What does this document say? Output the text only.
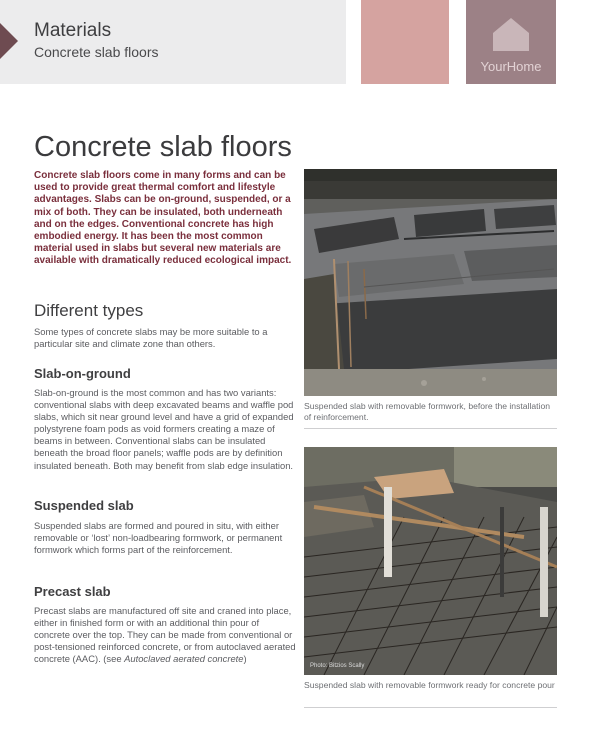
Materials
Concrete slab floors
YourHome
Concrete slab floors

Concrete slab floors come in many forms and can be used to provide great thermal comfort and lifestyle advantages. Slabs can be on-ground, suspended, or a mix of both. They can be insulated, both underneath and on the edges. Conventional concrete has high embodied energy. It has been the most common material used in slabs but several new materials are available with dramatically reduced ecological impact.

Different types

Some types of concrete slabs may be more suitable to a particular site and climate zone than others.

Slab-on-ground

Slab-on-ground is the most common and has two variants: conventional slabs with deep excavated beams and waffle pod slabs, which sit near ground level and have a grid of expanded polystyrene foam pods as void formers creating a maze of beams in between. Conventional slabs can be insulated beneath the broad floor panels; waffle pods are by definition insulated beneath. Both may benefit from slab edge insulation.

Suspended slab

Suspended slabs are formed and poured in situ, with either removable or ‘lost’ non-loadbearing formwork, or permanent formwork which forms part of the reinforcement.

Precast slab

Precast slabs are manufactured off site and craned into place, either in finished form or with an additional thin pour of concrete over the top. They can be made from conventional or post-tensioned reinforced concrete, or from autoclaved aerated concrete (AAC). (see Autoclaved aerated concrete)

Suspended slab with removable formwork, before the installation of reinforcement.

Photo: Bitzios Scally

Suspended slab with removable formwork ready for concrete pour
